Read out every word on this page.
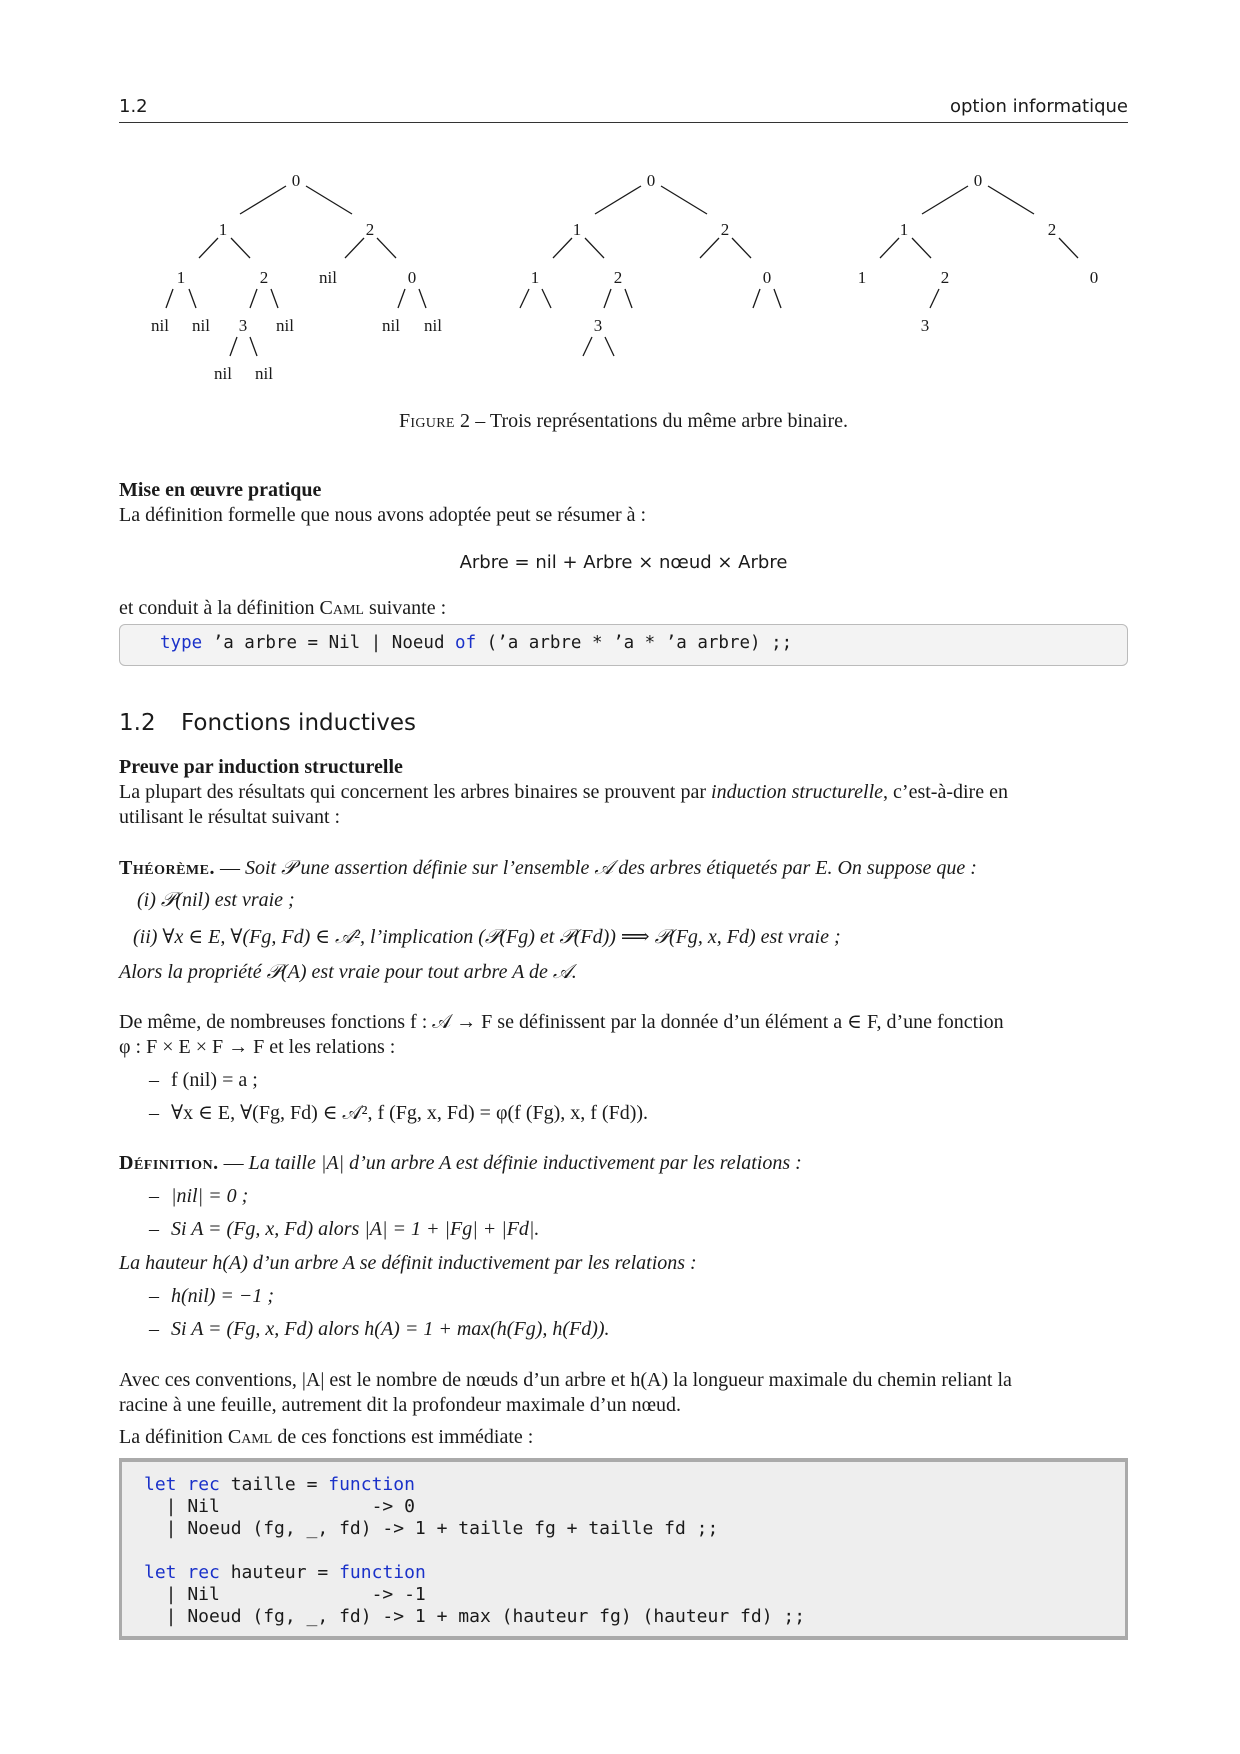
1.2	option informatique
0
1	2
1	2	nil	0
nil nil 3 nil	nil nil
nil nil
0
1	2
1	2	0
3
0
1	2
1	2	0
3
Figure 2 – Trois représentations du même arbre binaire.
Mise en œuvre pratique
La définition formelle que nous avons adoptée peut se résumer à :
Arbre = nil + Arbre × nœud × Arbre
et conduit à la définition Caml suivante :
type ’a arbre = Nil | Noeud of (’a arbre * ’a * ’a arbre) ;;
1.2 Fonctions inductives
Preuve par induction structurelle
La plupart des résultats qui concernent les arbres binaires se prouvent par induction structurelle, c’est-à-dire en
utilisant le résultat suivant :
Théorème. — Soit 𝒫 une assertion définie sur l’ensemble 𝒜 des arbres étiquetés par E. On suppose que :
(i) 𝒫(nil) est vraie ;
(ii) ∀x ∈ E, ∀(Fg, Fd) ∈ 𝒜², l’implication (𝒫(Fg) et 𝒫(Fd)) ⟹ 𝒫(Fg, x, Fd) est vraie ;
Alors la propriété 𝒫(A) est vraie pour tout arbre A de 𝒜.
De même, de nombreuses fonctions f : 𝒜 → F se définissent par la donnée d’un élément a ∈ F, d’une fonction
φ : F × E × F → F et les relations :
– f (nil) = a ;
– ∀x ∈ E, ∀(Fg, Fd) ∈ 𝒜², f (Fg, x, Fd) = φ(f (Fg), x, f (Fd)).
Définition. — La taille |A| d’un arbre A est définie inductivement par les relations :
– |nil| = 0 ;
– Si A = (Fg, x, Fd) alors |A| = 1 + |Fg| + |Fd|.
La hauteur h(A) d’un arbre A se définit inductivement par les relations :
– h(nil) = −1 ;
– Si A = (Fg, x, Fd) alors h(A) = 1 + max(h(Fg), h(Fd)).
Avec ces conventions, |A| est le nombre de nœuds d’un arbre et h(A) la longueur maximale du chemin reliant la
racine à une feuille, autrement dit la profondeur maximale d’un nœud.
La définition Caml de ces fonctions est immédiate :
let rec taille = function
| Nil              -> 0
| Noeud (fg, _, fd) -> 1 + taille fg + taille fd ;;
let rec hauteur = function
| Nil              -> -1
| Noeud (fg, _, fd) -> 1 + max (hauteur fg) (hauteur fd) ;;
